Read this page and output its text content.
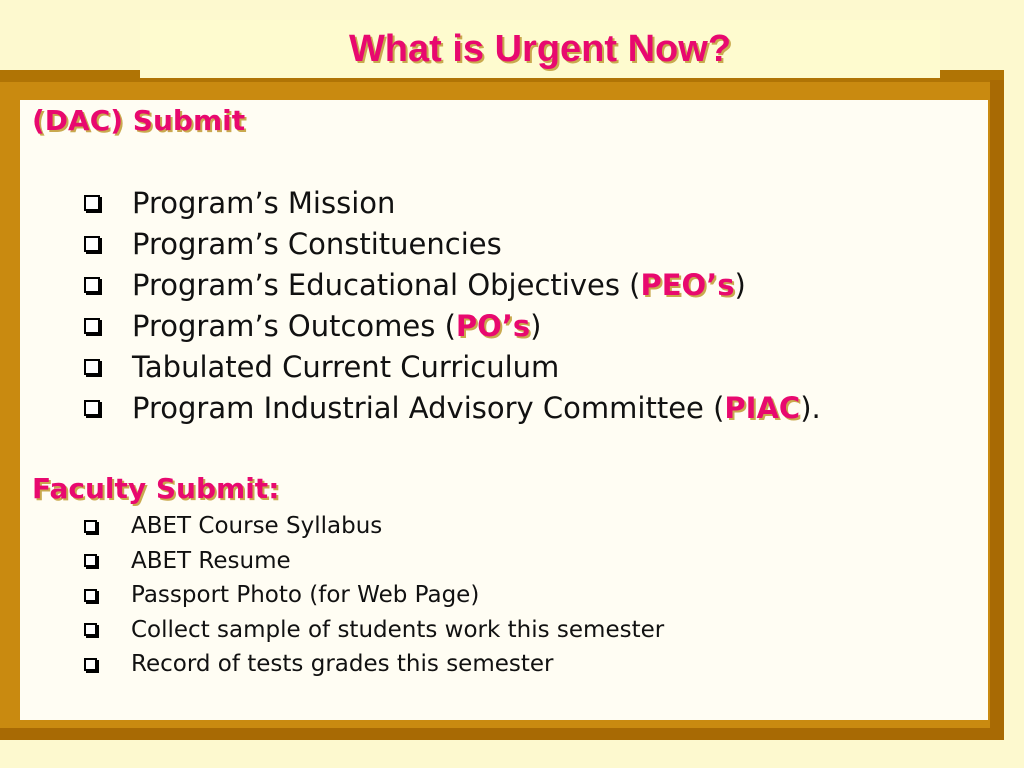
What is Urgent Now?
(DAC) Submit
Program’s Mission
Program’s Constituencies
Program’s Educational Objectives (PEO’s)
Program’s Outcomes (PO’s)
Tabulated Current Curriculum
Program Industrial Advisory Committee (PIAC).
Faculty Submit:
ABET Course Syllabus
ABET Resume
Passport Photo (for Web Page)
Collect sample of students work this semester
Record of tests grades this semester
